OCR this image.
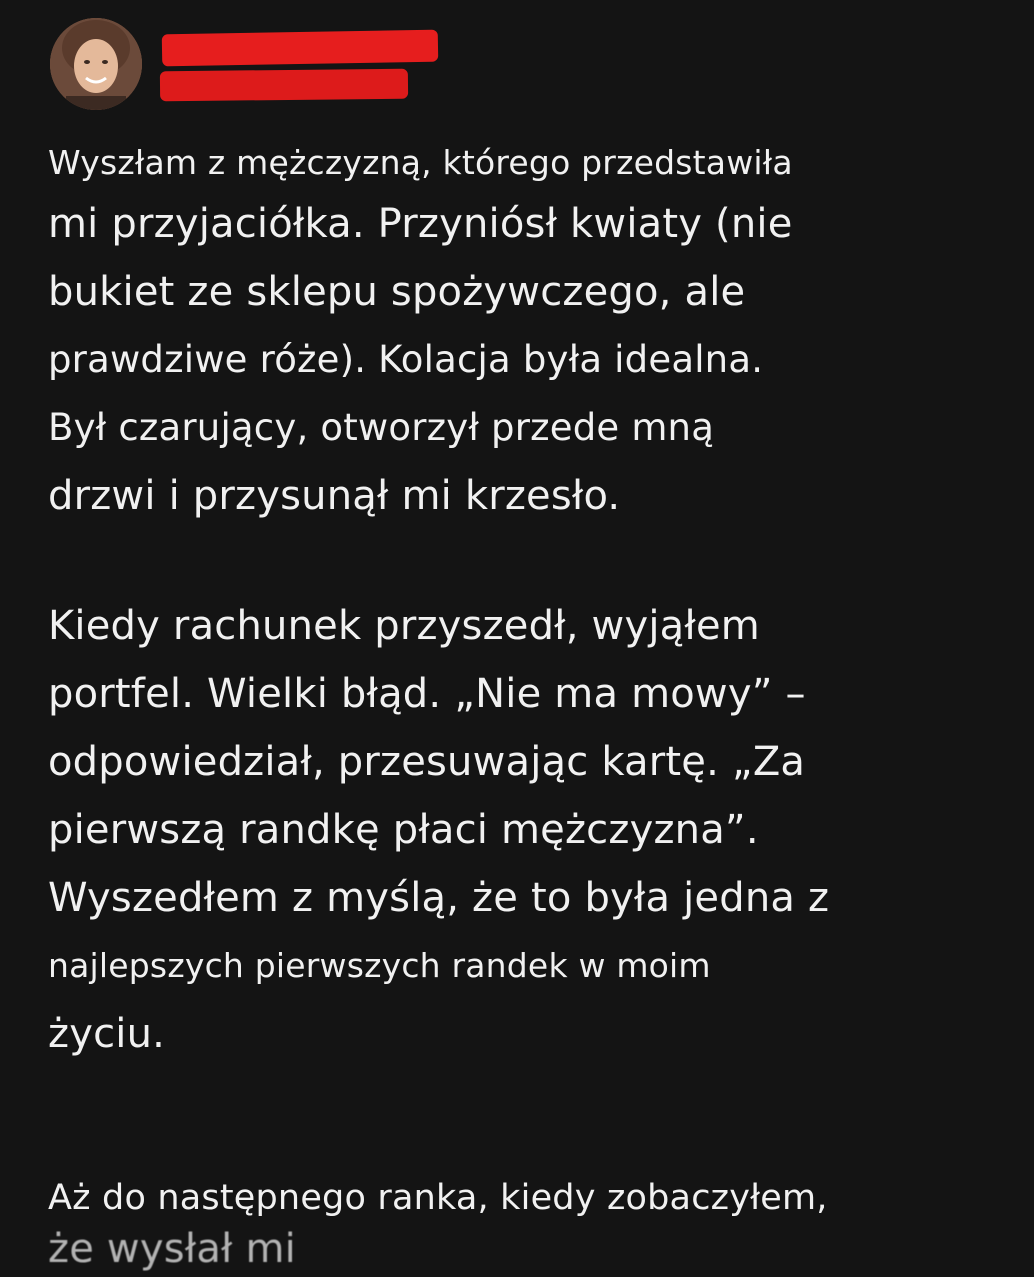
Wyszłam z mężczyzną, którego przedstawiła
mi przyjaciółka. Przyniósł kwiaty (nie
bukiet ze sklepu spożywczego, ale
prawdziwe róże). Kolacja była idealna.
Był czarujący, otworzył przede mną
drzwi i przysunął mi krzesło.
Kiedy rachunek przyszedł, wyjąłem
portfel. Wielki błąd. „Nie ma mowy” –
odpowiedział, przesuwając kartę. „Za
pierwszą randkę płaci mężczyzna”.
Wyszedłem z myślą, że to była jedna z
najlepszych pierwszych randek w moim
życiu.
Aż do następnego ranka, kiedy zobaczyłem,
że wysłał mi
